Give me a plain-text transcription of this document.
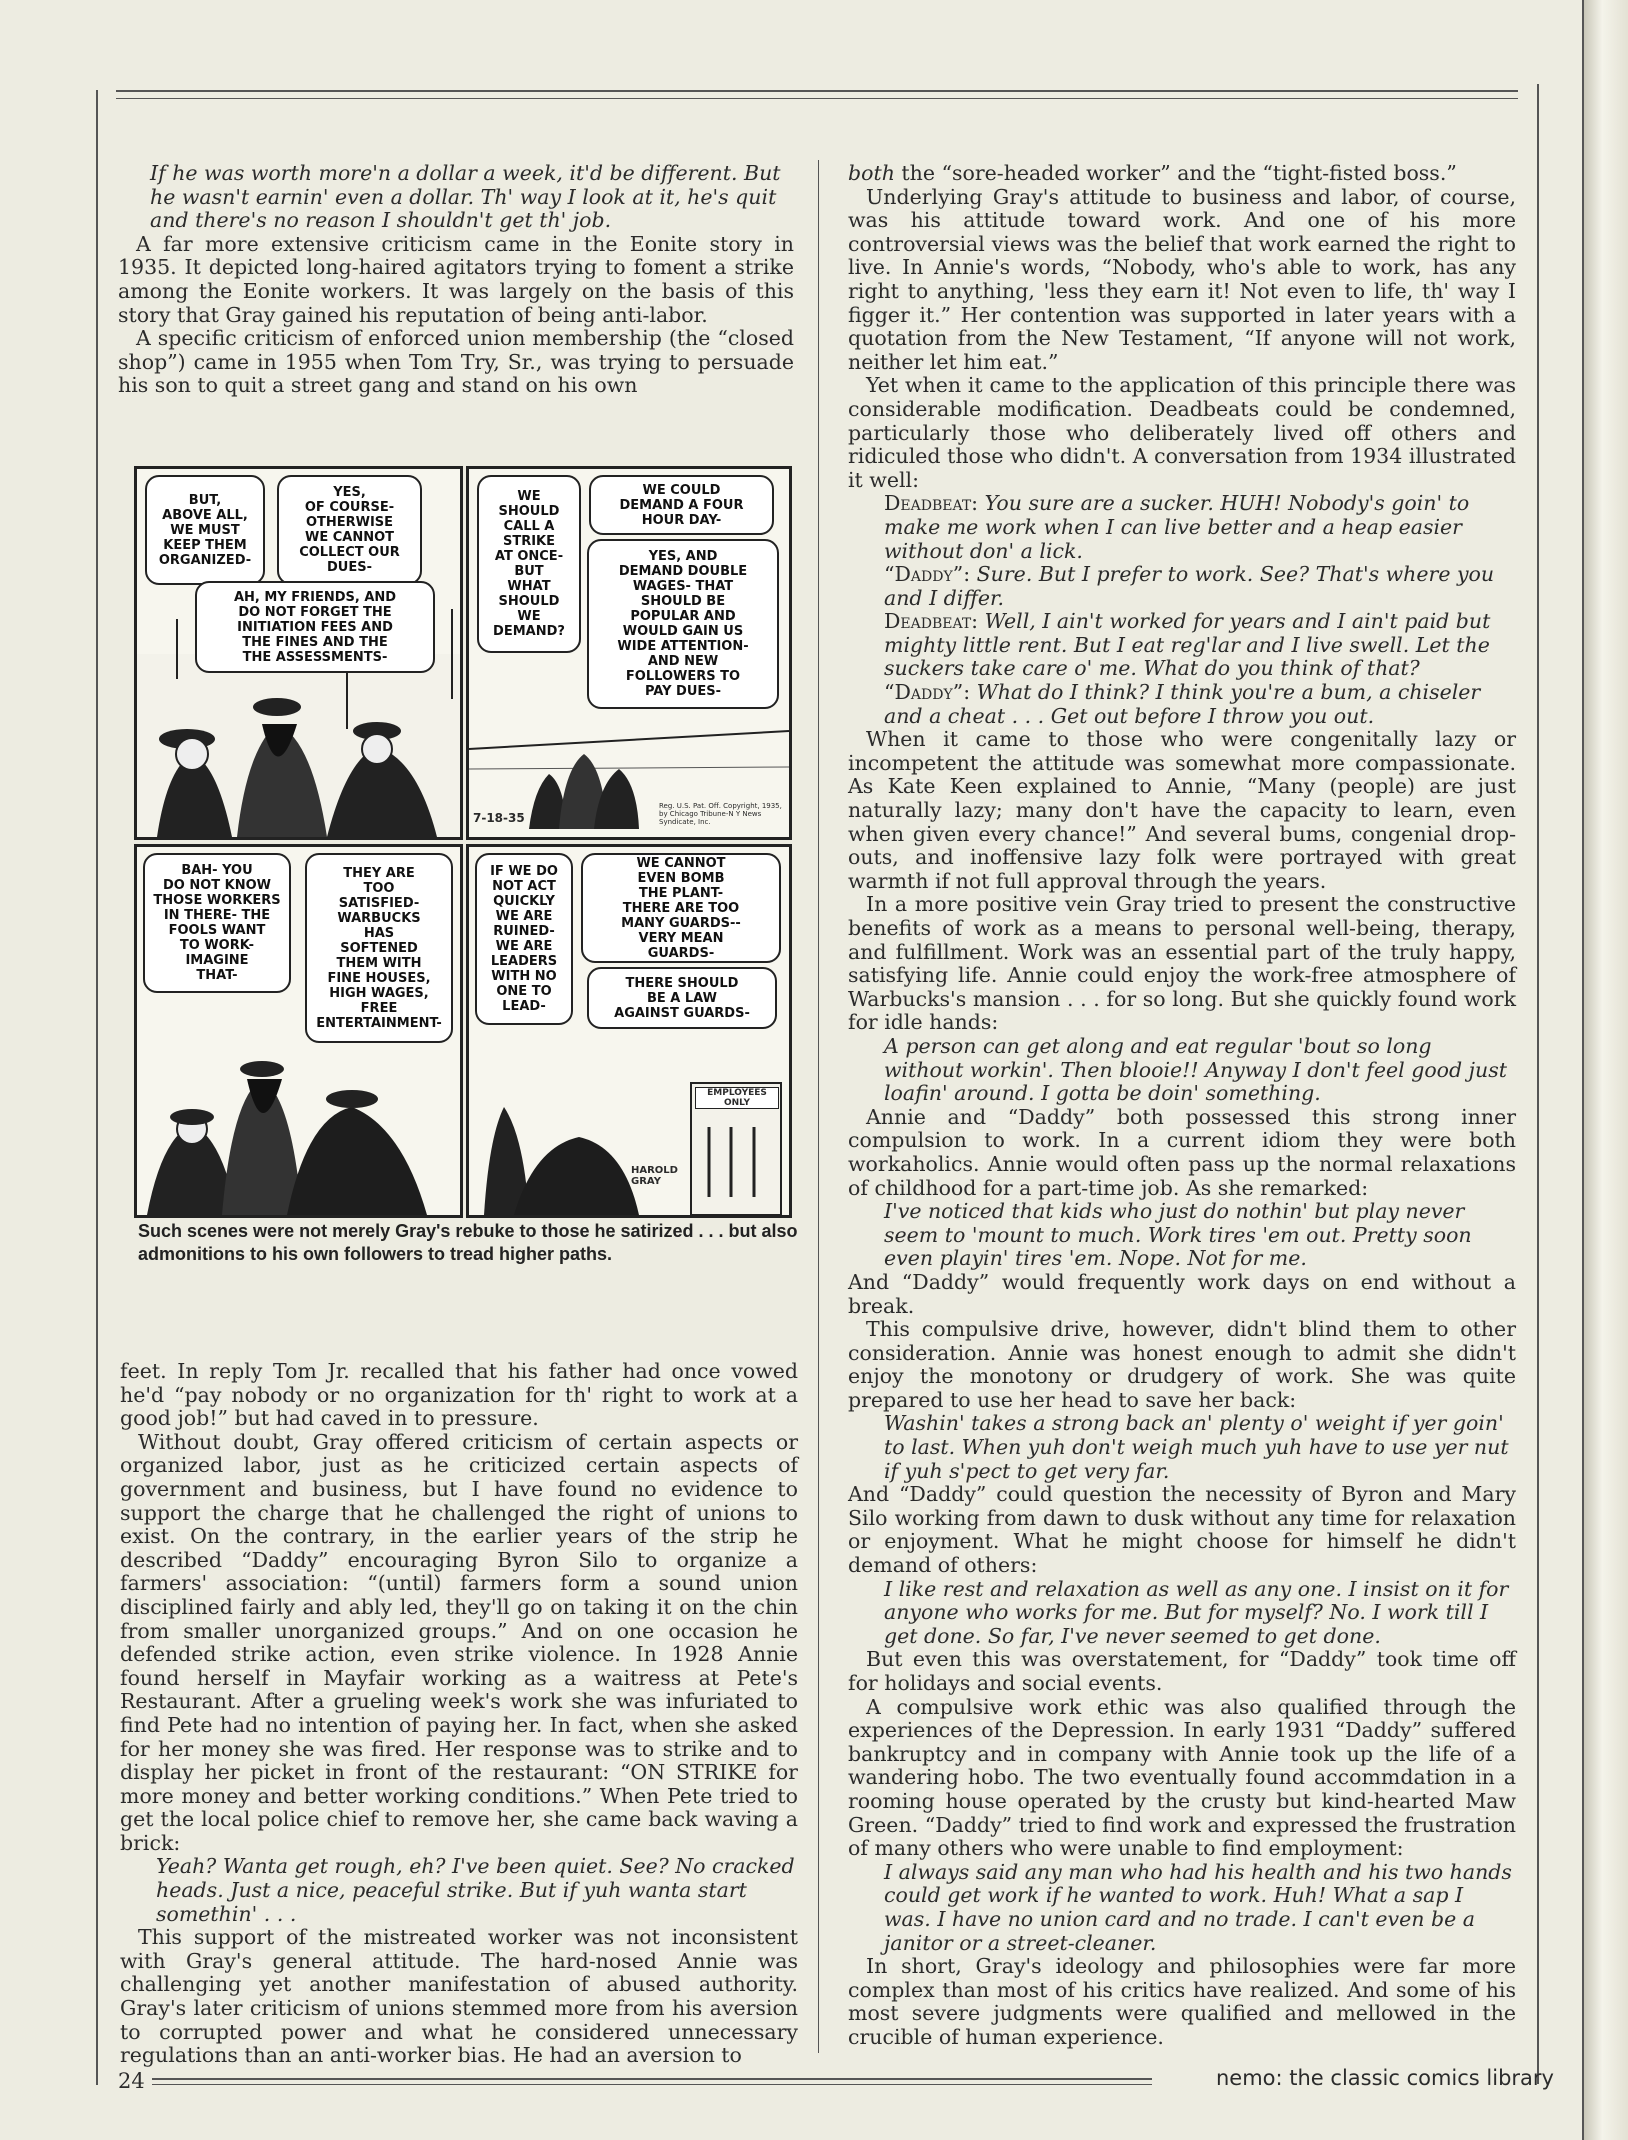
If he was worth more'n a dollar a week, it'd be different. But he wasn't earnin' even a dollar. Th' way I look at it, he's quit and there's no reason I shouldn't get th' job.

A far more extensive criticism came in the Eonite story in 1935. It depicted long-haired agitators trying to foment a strike among the Eonite workers. It was largely on the basis of this story that Gray gained his reputation of being anti-labor.

A specific criticism of enforced union membership (the “closed shop”) came in 1955 when Tom Try, Sr., was trying to persuade his son to quit a street gang and stand on his own

BUT,
ABOVE ALL,
WE MUST
KEEP THEM
ORGANIZED-
YES,
OF COURSE-
OTHERWISE
WE CANNOT
COLLECT OUR
DUES-
AH, MY FRIENDS, AND
DO NOT FORGET THE
INITIATION FEES AND
THE FINES AND THE
THE ASSESSMENTS-
WE
SHOULD
CALL A
STRIKE
AT ONCE-
BUT
WHAT
SHOULD
WE
DEMAND?
WE COULD
DEMAND A FOUR
HOUR DAY-
YES, AND
DEMAND DOUBLE
WAGES- THAT
SHOULD BE
POPULAR AND
WOULD GAIN US
WIDE ATTENTION-
AND NEW
FOLLOWERS TO
PAY DUES-
7-18-35
Reg. U.S. Pat. Off. Copyright, 1935, by Chicago Tribune-N Y News Syndicate, Inc.
BAH- YOU
DO NOT KNOW
THOSE WORKERS
IN THERE- THE
FOOLS WANT
TO WORK-
IMAGINE
THAT-
THEY ARE
TOO
SATISFIED-
WARBUCKS
HAS
SOFTENED
THEM WITH
FINE HOUSES,
HIGH WAGES,
FREE
ENTERTAINMENT-
IF WE DO
NOT ACT
QUICKLY
WE ARE
RUINED-
WE ARE
LEADERS
WITH NO
ONE TO
LEAD-
WE CANNOT
EVEN BOMB
THE PLANT-
THERE ARE TOO
MANY GUARDS--
VERY MEAN
GUARDS-
THERE SHOULD
BE A LAW
AGAINST GUARDS-
EMPLOYEES ONLY
HAROLD GRAY
Such scenes were not merely Gray's rebuke to those he satirized . . . but also admonitions to his own followers to tread higher paths.

feet. In reply Tom Jr. recalled that his father had once vowed he'd “pay nobody or no organization for th' right to work at a good job!” but had caved in to pressure.

Without doubt, Gray offered criticism of certain aspects or organized labor, just as he criticized certain aspects of government and business, but I have found no evidence to support the charge that he challenged the right of unions to exist. On the contrary, in the earlier years of the strip he described “Daddy” encouraging Byron Silo to organize a farmers' association: “(until) farmers form a sound union disciplined fairly and ably led, they'll go on taking it on the chin from smaller unorganized groups.” And on one occasion he defended strike action, even strike violence. In 1928 Annie found herself in Mayfair working as a waitress at Pete's Restaurant. After a grueling week's work she was infuriated to find Pete had no intention of paying her. In fact, when she asked for her money she was fired. Her response was to strike and to display her picket in front of the restaurant: “ON STRIKE for more money and better working conditions.” When Pete tried to get the local police chief to remove her, she came back waving a brick:

Yeah? Wanta get rough, eh? I've been quiet. See? No cracked heads. Just a nice, peaceful strike. But if yuh wanta start somethin' . . .

This support of the mistreated worker was not inconsistent with Gray's general attitude. The hard-nosed Annie was challenging yet another manifestation of abused authority. Gray's later criticism of unions stemmed more from his aversion to corrupted power and what he considered unnecessary regulations than an anti-worker bias. He had an aversion to

both the “sore-headed worker” and the “tight-fisted boss.”

Underlying Gray's attitude to business and labor, of course, was his attitude toward work. And one of his more controversial views was the belief that work earned the right to live. In Annie's words, “Nobody, who's able to work, has any right to anything, 'less they earn it! Not even to life, th' way I figger it.” Her contention was supported in later years with a quotation from the New Testament, “If anyone will not work, neither let him eat.”

Yet when it came to the application of this principle there was considerable modification. Deadbeats could be condemned, particularly those who deliberately lived off others and ridiculed those who didn't. A conversation from 1934 illustrated it well:

Deadbeat: You sure are a sucker. HUH! Nobody's goin' to make me work when I can live better and a heap easier without don' a lick.

“Daddy”: Sure. But I prefer to work. See? That's where you and I differ.

Deadbeat: Well, I ain't worked for years and I ain't paid but mighty little rent. But I eat reg'lar and I live swell. Let the suckers take care o' me. What do you think of that?

“Daddy”: What do I think? I think you're a bum, a chiseler and a cheat . . . Get out before I throw you out.

When it came to those who were congenitally lazy or incompetent the attitude was somewhat more compassionate. As Kate Keen explained to Annie, “Many (people) are just naturally lazy; many don't have the capacity to learn, even when given every chance!” And several bums, congenial drop-outs, and inoffensive lazy folk were portrayed with great warmth if not full approval through the years.

In a more positive vein Gray tried to present the constructive benefits of work as a means to personal well-being, therapy, and fulfillment. Work was an essential part of the truly happy, satisfying life. Annie could enjoy the work-free atmosphere of Warbucks's mansion . . . for so long. But she quickly found work for idle hands:

A person can get along and eat regular 'bout so long without workin'. Then blooie!! Anyway I don't feel good just loafin' around. I gotta be doin' something.

Annie and “Daddy” both possessed this strong inner compulsion to work. In a current idiom they were both workaholics. Annie would often pass up the normal relaxations of childhood for a part-time job. As she remarked:

I've noticed that kids who just do nothin' but play never seem to 'mount to much. Work tires 'em out. Pretty soon even playin' tires 'em. Nope. Not for me.

And “Daddy” would frequently work days on end without a break.

This compulsive drive, however, didn't blind them to other consideration. Annie was honest enough to admit she didn't enjoy the monotony or drudgery of work. She was quite prepared to use her head to save her back:

Washin' takes a strong back an' plenty o' weight if yer goin' to last. When yuh don't weigh much yuh have to use yer nut if yuh s'pect to get very far.

And “Daddy” could question the necessity of Byron and Mary Silo working from dawn to dusk without any time for relaxation or enjoyment. What he might choose for himself he didn't demand of others:

I like rest and relaxation as well as any one. I insist on it for anyone who works for me. But for myself? No. I work till I get done. So far, I've never seemed to get done.

But even this was overstatement, for “Daddy” took time off for holidays and social events.

A compulsive work ethic was also qualified through the experiences of the Depression. In early 1931 “Daddy” suffered bankruptcy and in company with Annie took up the life of a wandering hobo. The two eventually found accommdation in a rooming house operated by the crusty but kind-hearted Maw Green. “Daddy” tried to find work and expressed the frustration of many others who were unable to find employment:

I always said any man who had his health and his two hands could get work if he wanted to work. Huh! What a sap I was. I have no union card and no trade. I can't even be a janitor or a street-cleaner.

In short, Gray's ideology and philosophies were far more complex than most of his critics have realized. And some of his most severe judgments were qualified and mellowed in the crucible of human experience.

24	nemo: the classic comics library
